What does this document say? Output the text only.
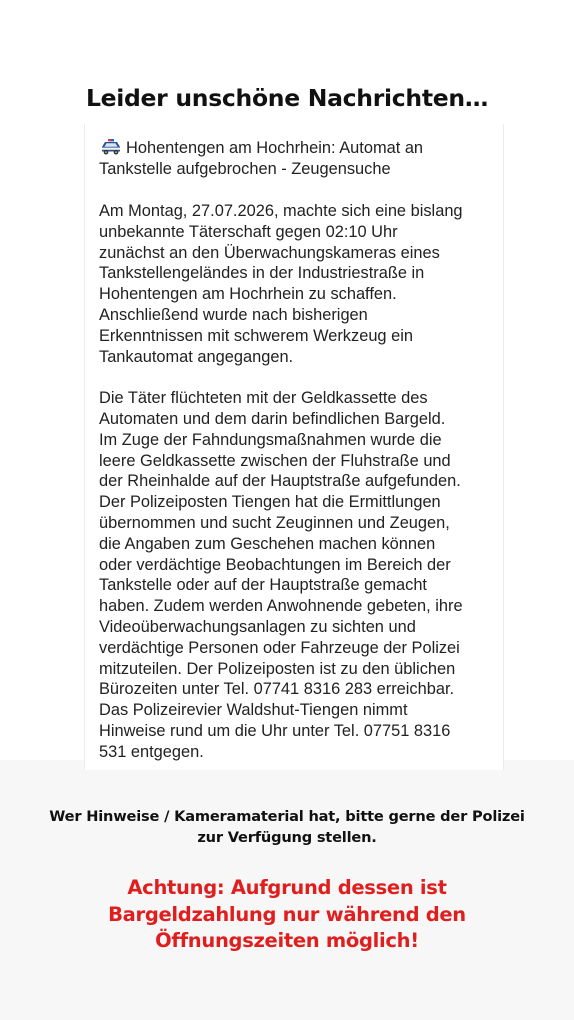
Leider unschöne Nachrichten…
Hohentengen am Hochrhein: Automat an
Tankstelle aufgebrochen - Zeugensuche
Am Montag, 27.07.2026, machte sich eine bislang
unbekannte Täterschaft gegen 02:10 Uhr
zunächst an den Überwachungskameras eines
Tankstellengeländes in der Industriestraße in
Hohentengen am Hochrhein zu schaffen.
Anschließend wurde nach bisherigen
Erkenntnissen mit schwerem Werkzeug ein
Tankautomat angegangen.
Die Täter flüchteten mit der Geldkassette des
Automaten und dem darin befindlichen Bargeld.
Im Zuge der Fahndungsmaßnahmen wurde die
leere Geldkassette zwischen der Fluhstraße und
der Rheinhalde auf der Hauptstraße aufgefunden.
Der Polizeiposten Tiengen hat die Ermittlungen
übernommen und sucht Zeuginnen und Zeugen,
die Angaben zum Geschehen machen können
oder verdächtige Beobachtungen im Bereich der
Tankstelle oder auf der Hauptstraße gemacht
haben. Zudem werden Anwohnende gebeten, ihre
Videoüberwachungsanlagen zu sichten und
verdächtige Personen oder Fahrzeuge der Polizei
mitzuteilen. Der Polizeiposten ist zu den üblichen
Bürozeiten unter Tel. 07741 8316 283 erreichbar.
Das Polizeirevier Waldshut-Tiengen nimmt
Hinweise rund um die Uhr unter Tel. 07751 8316
531 entgegen.
Wer Hinweise / Kameramaterial hat, bitte gerne der Polizei
zur Verfügung stellen.
Achtung: Aufgrund dessen ist
Bargeldzahlung nur während den
Öffnungszeiten möglich!
